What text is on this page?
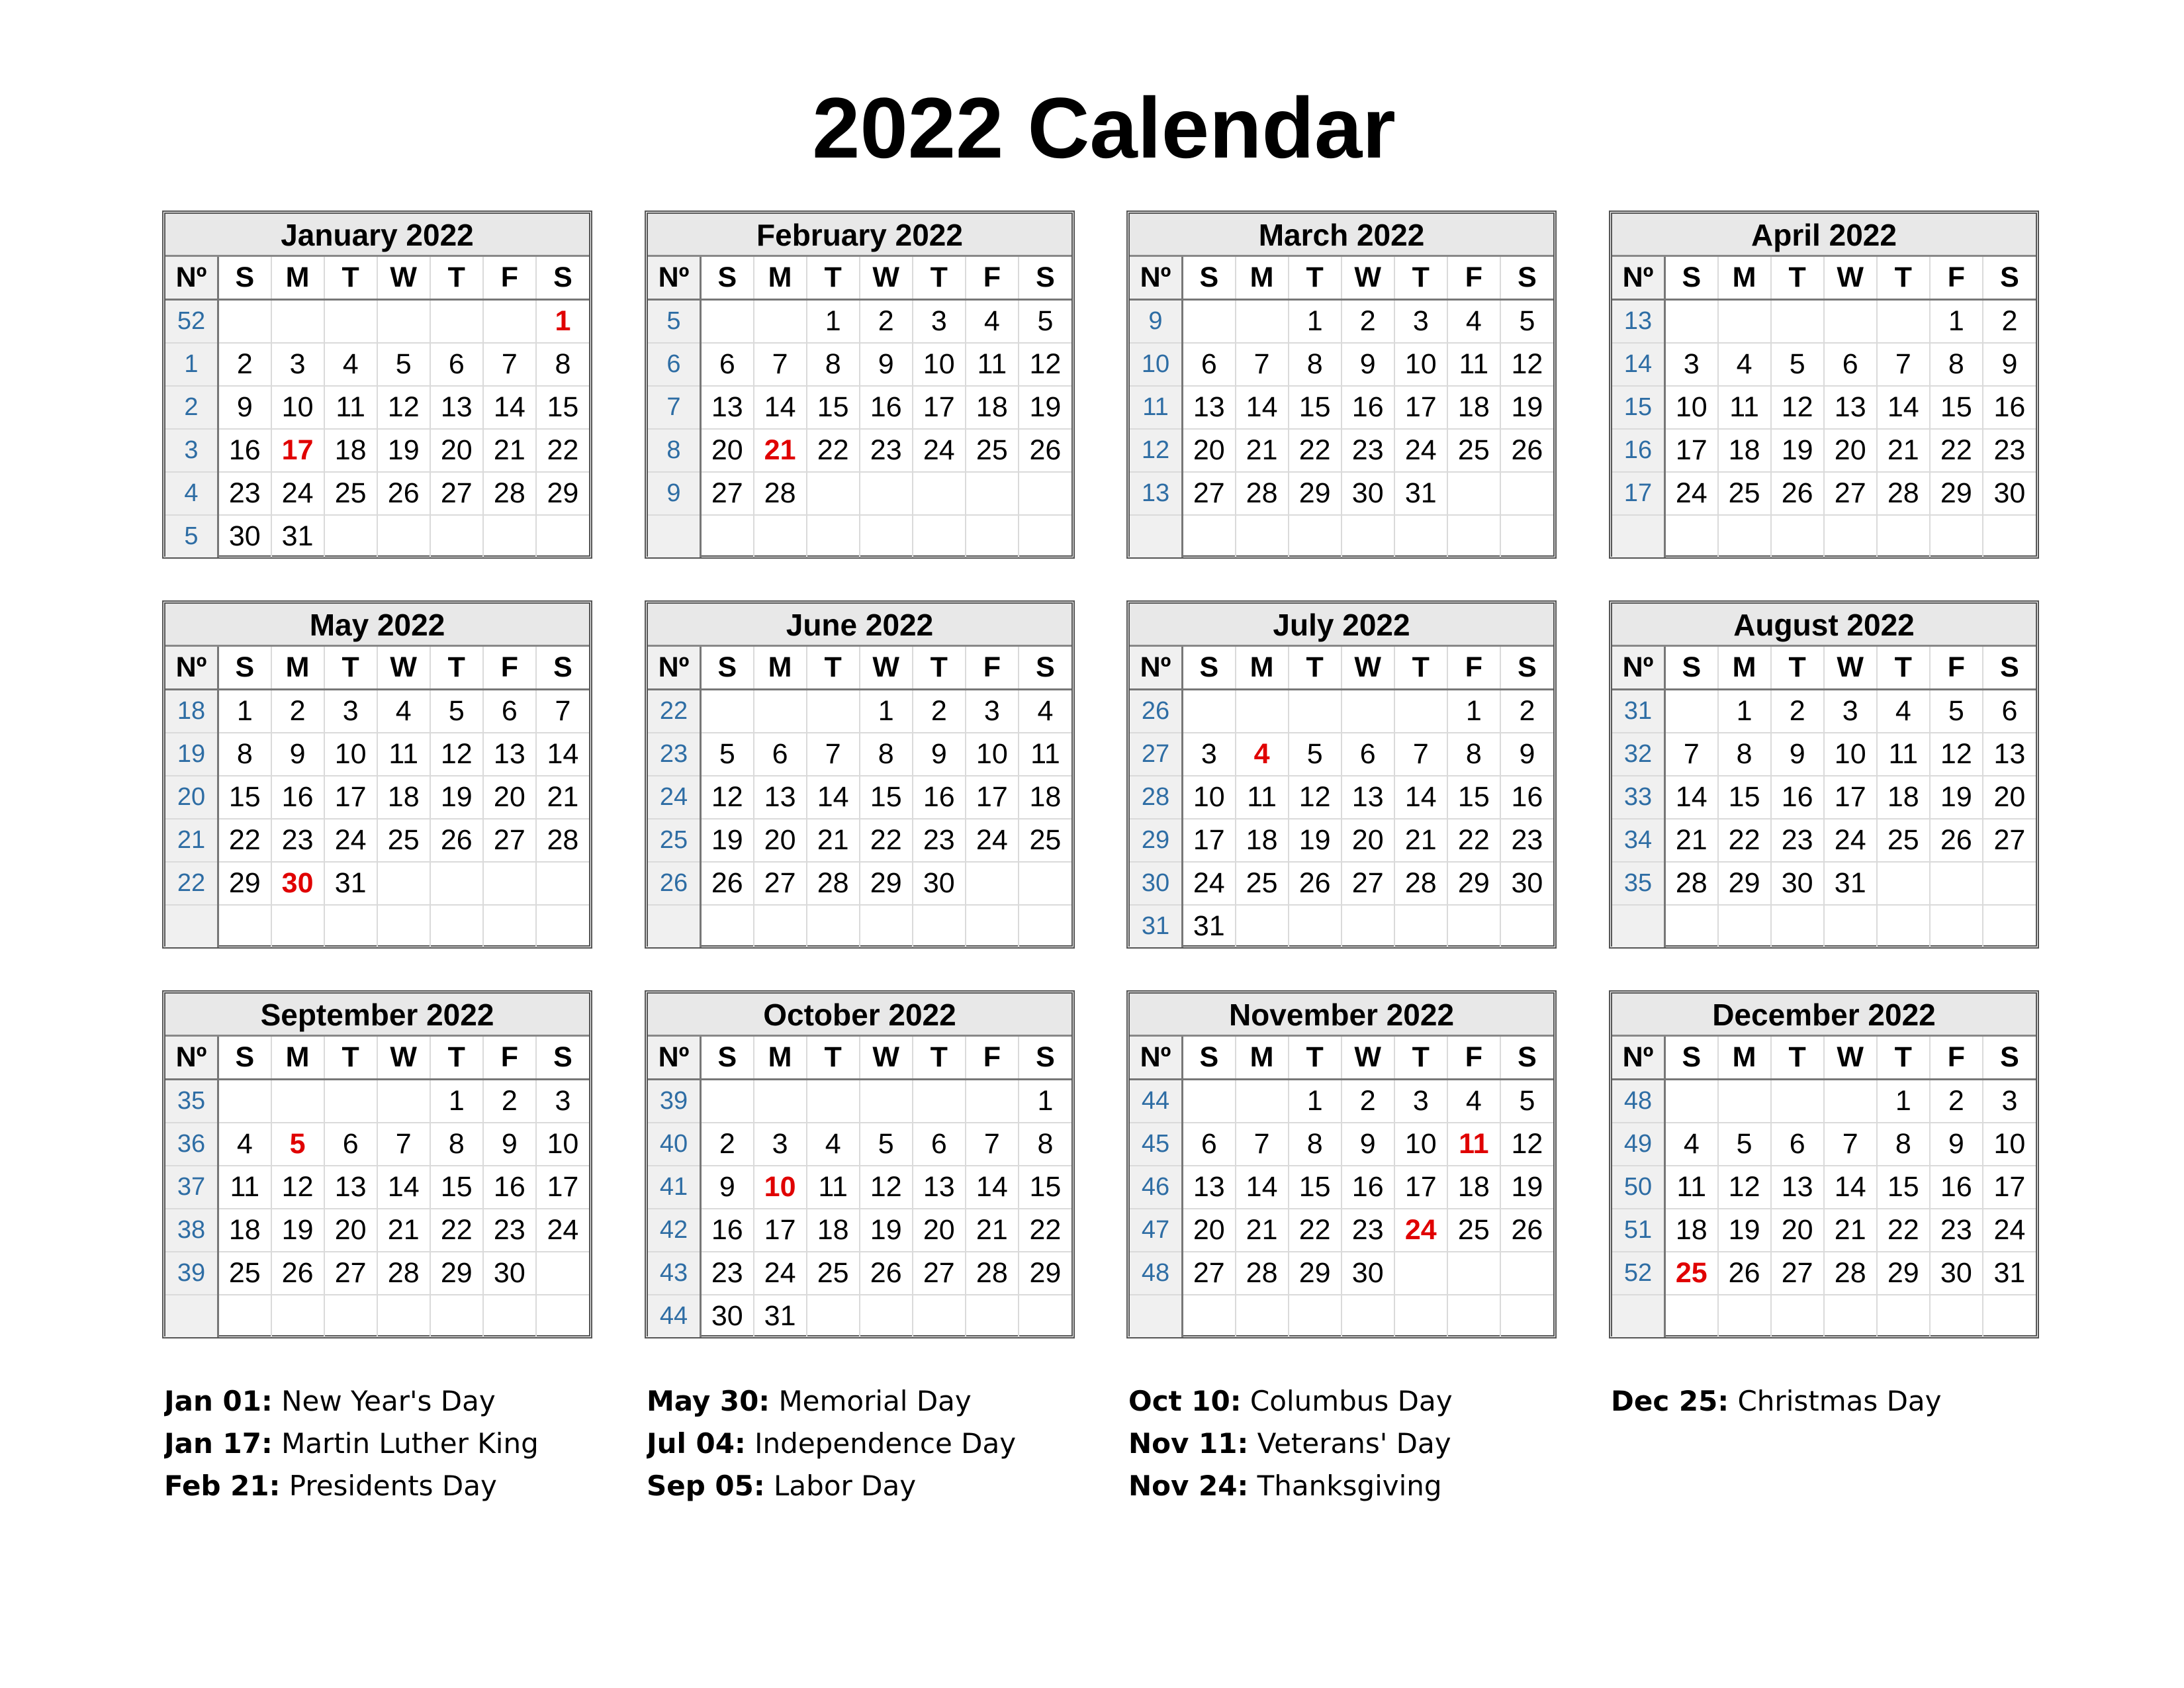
2022 Calendar
January 2022
Nº	S	M	T	W	T	F	S
52							1
1	2	3	4	5	6	7	8
2	9	10	11	12	13	14	15
3	16	17	18	19	20	21	22
4	23	24	25	26	27	28	29
5	30	31					
February 2022
Nº	S	M	T	W	T	F	S
5			1	2	3	4	5
6	6	7	8	9	10	11	12
7	13	14	15	16	17	18	19
8	20	21	22	23	24	25	26
9	27	28					

March 2022
Nº	S	M	T	W	T	F	S
9			1	2	3	4	5
10	6	7	8	9	10	11	12
11	13	14	15	16	17	18	19
12	20	21	22	23	24	25	26
13	27	28	29	30	31		

April 2022
Nº	S	M	T	W	T	F	S
13						1	2
14	3	4	5	6	7	8	9
15	10	11	12	13	14	15	16
16	17	18	19	20	21	22	23
17	24	25	26	27	28	29	30

May 2022
Nº	S	M	T	W	T	F	S
18	1	2	3	4	5	6	7
19	8	9	10	11	12	13	14
20	15	16	17	18	19	20	21
21	22	23	24	25	26	27	28
22	29	30	31				

June 2022
Nº	S	M	T	W	T	F	S
22				1	2	3	4
23	5	6	7	8	9	10	11
24	12	13	14	15	16	17	18
25	19	20	21	22	23	24	25
26	26	27	28	29	30		

July 2022
Nº	S	M	T	W	T	F	S
26						1	2
27	3	4	5	6	7	8	9
28	10	11	12	13	14	15	16
29	17	18	19	20	21	22	23
30	24	25	26	27	28	29	30
31	31						
August 2022
Nº	S	M	T	W	T	F	S
31		1	2	3	4	5	6
32	7	8	9	10	11	12	13
33	14	15	16	17	18	19	20
34	21	22	23	24	25	26	27
35	28	29	30	31			

September 2022
Nº	S	M	T	W	T	F	S
35					1	2	3
36	4	5	6	7	8	9	10
37	11	12	13	14	15	16	17
38	18	19	20	21	22	23	24
39	25	26	27	28	29	30	

October 2022
Nº	S	M	T	W	T	F	S
39							1
40	2	3	4	5	6	7	8
41	9	10	11	12	13	14	15
42	16	17	18	19	20	21	22
43	23	24	25	26	27	28	29
44	30	31					
November 2022
Nº	S	M	T	W	T	F	S
44			1	2	3	4	5
45	6	7	8	9	10	11	12
46	13	14	15	16	17	18	19
47	20	21	22	23	24	25	26
48	27	28	29	30			

December 2022
Nº	S	M	T	W	T	F	S
48					1	2	3
49	4	5	6	7	8	9	10
50	11	12	13	14	15	16	17
51	18	19	20	21	22	23	24
52	25	26	27	28	29	30	31

Jan 01: New Year's Day
Jan 17: Martin Luther King
Feb 21: Presidents Day
May 30: Memorial Day
Jul 04: Independence Day
Sep 05: Labor Day
Oct 10: Columbus Day
Nov 11: Veterans' Day
Nov 24: Thanksgiving
Dec 25: Christmas Day
